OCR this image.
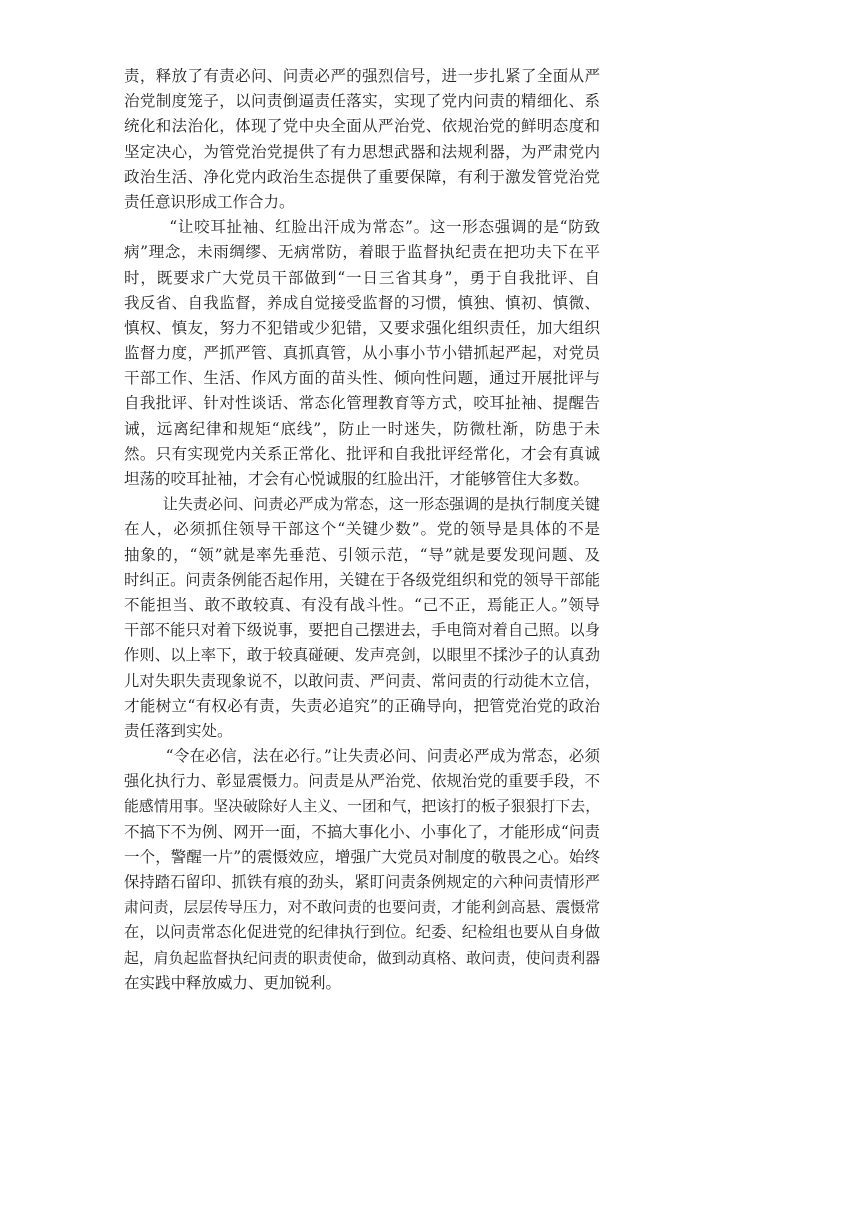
责，释放了有责必问、问责必严的强烈信号，进一步扎紧了全面从严
治党制度笼子，以问责倒逼责任落实，实现了党内问责的精细化、系
统化和法治化，体现了党中央全面从严治党、依规治党的鲜明态度和
坚定决心，为管党治党提供了有力思想武器和法规利器，为严肃党内
政治生活、净化党内政治生态提供了重要保障，有利于激发管党治党
责任意识形成工作合力。
“让咬耳扯袖、红脸出汗成为常态”。这一形态强调的是“防致
病”理念，未雨绸缪、无病常防，着眼于监督执纪责在把功夫下在平
时，既要求广大党员干部做到“一日三省其身”，勇于自我批评、自
我反省、自我监督，养成自觉接受监督的习惯，慎独、慎初、慎微、
慎权、慎友，努力不犯错或少犯错，又要求强化组织责任，加大组织
监督力度，严抓严管、真抓真管，从小事小节小错抓起严起，对党员
干部工作、生活、作风方面的苗头性、倾向性问题，通过开展批评与
自我批评、针对性谈话、常态化管理教育等方式，咬耳扯袖、提醒告
诫，远离纪律和规矩“底线”，防止一时迷失，防微杜渐，防患于未
然。只有实现党内关系正常化、批评和自我批评经常化，才会有真诚
坦荡的咬耳扯袖，才会有心悦诚服的红脸出汗，才能够管住大多数。
让失责必问、问责必严成为常态，这一形态强调的是执行制度关键
在人，必须抓住领导干部这个“关键少数”。党的领导是具体的不是
抽象的，“领”就是率先垂范、引领示范，“导”就是要发现问题、及
时纠正。问责条例能否起作用，关键在于各级党组织和党的领导干部能
不能担当、敢不敢较真、有没有战斗性。“己不正，焉能正人。”领导
干部不能只对着下级说事，要把自己摆进去，手电筒对着自己照。以身
作则、以上率下，敢于较真碰硬、发声亮剑，以眼里不揉沙子的认真劲
儿对失职失责现象说不，以敢问责、严问责、常问责的行动徙木立信，
才能树立“有权必有责，失责必追究”的正确导向，把管党治党的政治
责任落到实处。
“令在必信，法在必行。”让失责必问、问责必严成为常态，必须
强化执行力、彰显震慑力。问责是从严治党、依规治党的重要手段，不
能感情用事。坚决破除好人主义、一团和气，把该打的板子狠狠打下去，
不搞下不为例、网开一面，不搞大事化小、小事化了，才能形成“问责
一个，警醒一片”的震慑效应，增强广大党员对制度的敬畏之心。始终
保持踏石留印、抓铁有痕的劲头，紧盯问责条例规定的六种问责情形严
肃问责，层层传导压力，对不敢问责的也要问责，才能利剑高悬、震慑常
在，以问责常态化促进党的纪律执行到位。纪委、纪检组也要从自身做
起，肩负起监督执纪问责的职责使命，做到动真格、敢问责，使问责利器
在实践中释放威力、更加锐利。
